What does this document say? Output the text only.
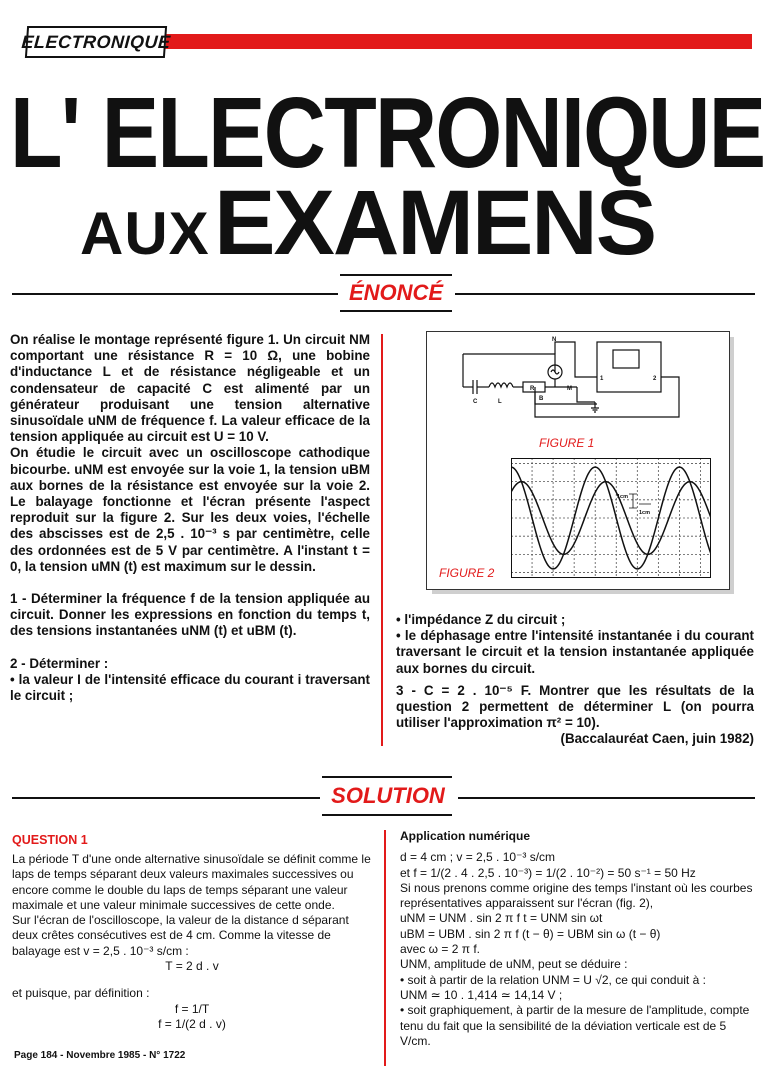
ELECTRONIQUE
L' ELECTRONIQUE
AUX EXAMENS
ÉNONCÉ

On réalise le montage représenté figure 1. Un circuit NM comportant une résistance R = 10 Ω, une bobine d'inductance L et de résistance négligeable et un condensateur de capacité C est alimenté par un générateur produisant une tension alternative sinusoïdale uNM de fréquence f. La valeur efficace de la tension appliquée au circuit est U = 10 V.

On étudie le circuit avec un oscilloscope cathodique bicourbe. uNM est envoyée sur la voie 1, la tension uBM aux bornes de la résistance est envoyée sur la voie 2. Le balayage fonctionne et l'écran présente l'aspect reproduit sur la figure 2. Sur les deux voies, l'échelle des abscisses est de 2,5 . 10⁻³ s par centimètre, celle des ordonnées est de 5 V par centimètre. A l'instant t = 0, la tension uMN (t) est maximum sur le dessin.

1 - Déterminer la fréquence f de la tension appliquée au circuit. Donner les expressions en fonction du temps t, des tensions instantanées uNM (t) et uBM (t).

2 - Déterminer :

• la valeur I de l'intensité efficace du courant i traversant le circuit ;

N
M
B
R
C	L
1	2
FIGURE 1
1cm
1cm
FIGURE 2

• l'impédance Z du circuit ;

• le déphasage entre l'intensité instantanée i du courant traversant le circuit et la tension instantanée appliquée aux bornes du circuit.

3 - C = 2 . 10⁻⁵ F. Montrer que les résultats de la question 2 permettent de déterminer L (on pourra utiliser l'approximation π² = 10).

(Baccalauréat Caen, juin 1982)

SOLUTION
QUESTION 1

La période T d'une onde alternative sinusoïdale se définit comme le laps de temps séparant deux valeurs maximales successives ou encore comme le double du laps de temps séparant une valeur maximale et une valeur minimale successives de cette onde.

Sur l'écran de l'oscilloscope, la valeur de la distance d séparant deux crêtes consécutives est de 4 cm. Comme la vitesse de balayage est v = 2,5 . 10⁻³ s/cm :

T = 2 d . v

et puisque, par définition :

f = 1/T

f = 1/(2 d . v)

Application numérique

d = 4 cm ; v = 2,5 . 10⁻³ s/cm

et f = 1/(2 . 4 . 2,5 . 10⁻³) = 1/(2 . 10⁻²) = 50 s⁻¹ = 50 Hz

Si nous prenons comme origine des temps l'instant où les courbes représentatives apparaissent sur l'écran (fig. 2),

uNM = UNM . sin 2 π f t = UNM sin ωt

uBM = UBM . sin 2 π f (t − θ) = UBM sin ω (t − θ)

avec ω = 2 π f.

UNM, amplitude de uNM, peut se déduire :

• soit à partir de la relation UNM = U √2, ce qui conduit à :

UNM ≃ 10 . 1,414 ≃ 14,14 V ;

• soit graphiquement, à partir de la mesure de l'amplitude, compte tenu du fait que la sensibilité de la déviation verticale est de 5 V/cm.

Page 184 - Novembre 1985 - N° 1722
